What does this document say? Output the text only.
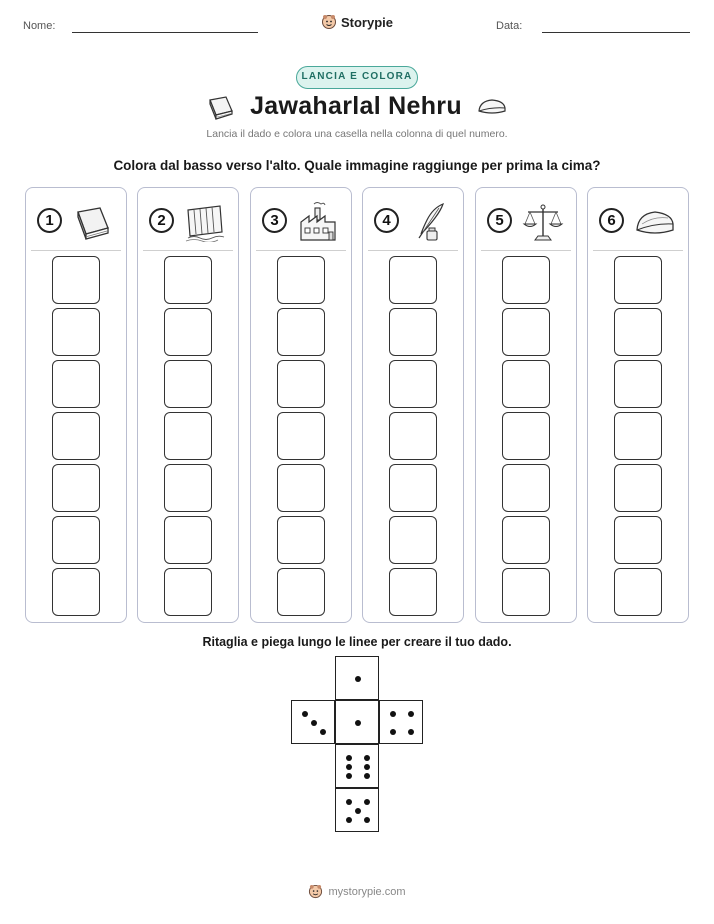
Nome:	Storypie	Data:
LANCIA E COLORA
Jawaharlal Nehru
Lancia il dado e colora una casella nella colonna di quel numero.
Colora dal basso verso l'alto. Quale immagine raggiunge per prima la cima?
1	2	3	4	5	6
Ritaglia e piega lungo le linee per creare il tuo dado.
mystorypie.com
